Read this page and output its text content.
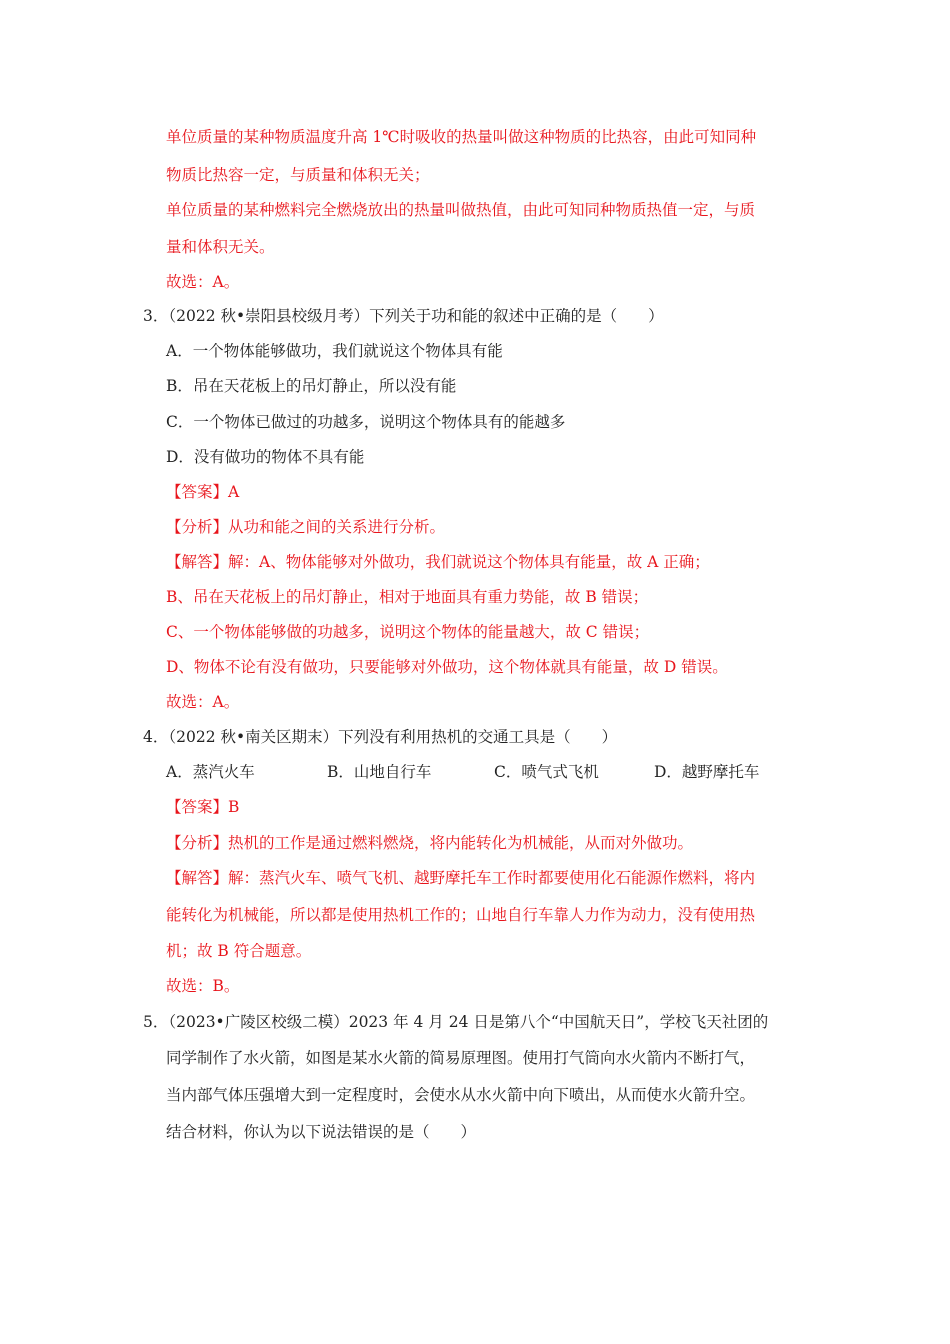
单位质量的某种物质温度升高 1℃时吸收的热量叫做这种物质的比热容，由此可知同种
物质比热容一定，与质量和体积无关；
单位质量的某种燃料完全燃烧放出的热量叫做热值，由此可知同种物质热值一定，与质
量和体积无关。
故选：A。
3．（2022 秋•崇阳县校级月考）下列关于功和能的叙述中正确的是（　　）
A．一个物体能够做功，我们就说这个物体具有能
B．吊在天花板上的吊灯静止，所以没有能
C．一个物体已做过的功越多，说明这个物体具有的能越多
D．没有做功的物体不具有能
【答案】A
【分析】从功和能之间的关系进行分析。
【解答】解：A、物体能够对外做功，我们就说这个物体具有能量，故 A 正确；
B、吊在天花板上的吊灯静止，相对于地面具有重力势能，故 B 错误；
C、一个物体能够做的功越多，说明这个物体的能量越大，故 C 错误；
D、物体不论有没有做功，只要能够对外做功，这个物体就具有能量，故 D 错误。
故选：A。
4．（2022 秋•南关区期末）下列没有利用热机的交通工具是（　　）
A．蒸汽火车	B．山地自行车	C．喷气式飞机	D．越野摩托车
【答案】B
【分析】热机的工作是通过燃料燃烧，将内能转化为机械能，从而对外做功。
【解答】解：蒸汽火车、喷气飞机、越野摩托车工作时都要使用化石能源作燃料，将内
能转化为机械能，所以都是使用热机工作的；山地自行车靠人力作为动力，没有使用热
机；故 B 符合题意。
故选：B。
5．（2023•广陵区校级二模）2023 年 4 月 24 日是第八个“中国航天日”，学校飞天社团的
同学制作了水火箭，如图是某水火箭的简易原理图。使用打气筒向水火箭内不断打气，
当内部气体压强增大到一定程度时，会使水从水火箭中向下喷出，从而使水火箭升空。
结合材料，你认为以下说法错误的是（　　）
